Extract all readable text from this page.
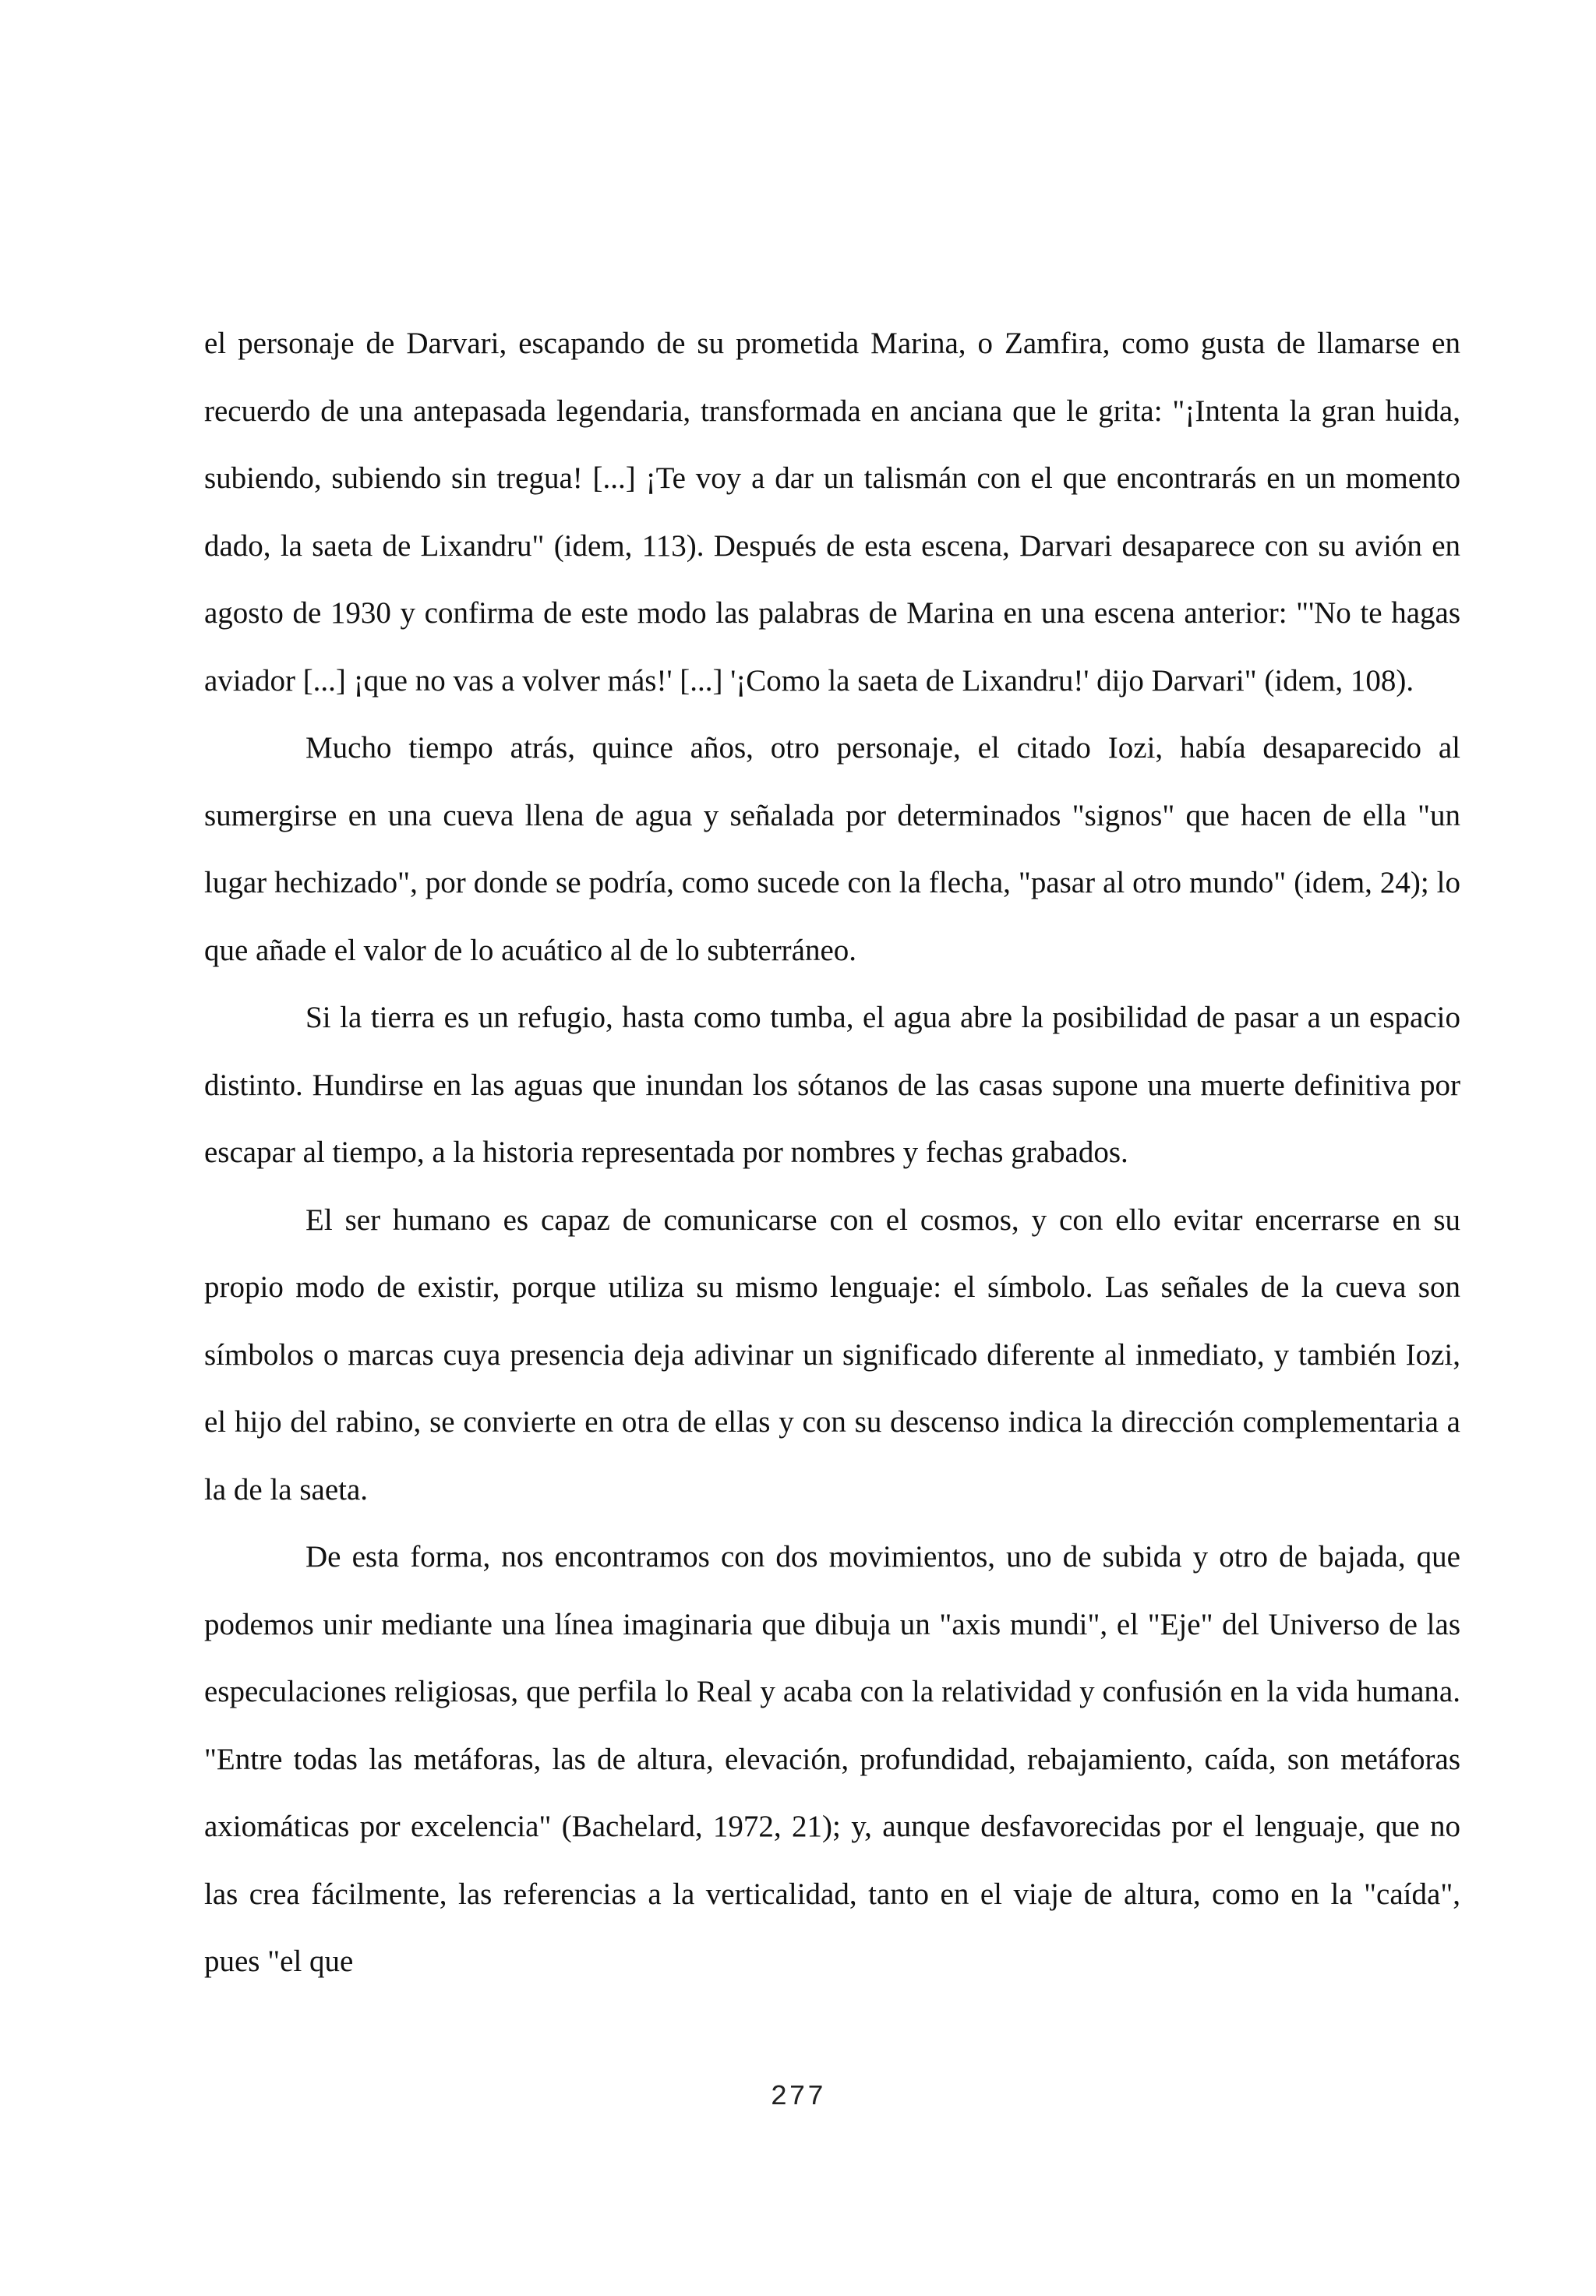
el personaje de Darvari, escapando de su prometida Marina, o Zamfira, como gusta de llamarse en recuerdo de una antepasada legendaria, transformada en anciana que le grita: "¡Intenta la gran huida, subiendo, subiendo sin tregua! [...] ¡Te voy a dar un talismán con el que encontrarás en un momento dado, la saeta de Lixandru" (idem, 113). Después de esta escena, Darvari desaparece con su avión en agosto de 1930 y confirma de este modo las palabras de Marina en una escena anterior: "'No te hagas aviador [...] ¡que no vas a volver más!' [...] '¡Como la saeta de Lixandru!' dijo Darvari" (idem, 108).

Mucho tiempo atrás, quince años, otro personaje, el citado Iozi, había desaparecido al sumergirse en una cueva llena de agua y señalada por determinados "signos" que hacen de ella "un lugar hechizado", por donde se podría, como sucede con la flecha, "pasar al otro mundo" (idem, 24); lo que añade el valor de lo acuático al de lo subterráneo.

Si la tierra es un refugio, hasta como tumba, el agua abre la posibilidad de pasar a un espacio distinto. Hundirse en las aguas que inundan los sótanos de las casas supone una muerte definitiva por escapar al tiempo, a la historia representada por nombres y fechas grabados.

El ser humano es capaz de comunicarse con el cosmos, y con ello evitar encerrarse en su propio modo de existir, porque utiliza su mismo lenguaje: el símbolo. Las señales de la cueva son símbolos o marcas cuya presencia deja adivinar un significado diferente al inmediato, y también Iozi, el hijo del rabino, se convierte en otra de ellas y con su descenso indica la dirección complementaria a la de la saeta.

De esta forma, nos encontramos con dos movimientos, uno de subida y otro de bajada, que podemos unir mediante una línea imaginaria que dibuja un "axis mundi", el "Eje" del Universo de las especulaciones religiosas, que perfila lo Real y acaba con la relatividad y confusión en la vida humana. "Entre todas las metáforas, las de altura, elevación, profundidad, rebajamiento, caída, son metáforas axiomáticas por excelencia" (Bachelard, 1972, 21); y, aunque desfavorecidas por el lenguaje, que no las crea fácilmente, las referencias a la verticalidad, tanto en el viaje de altura, como en la "caída", pues "el que

277
